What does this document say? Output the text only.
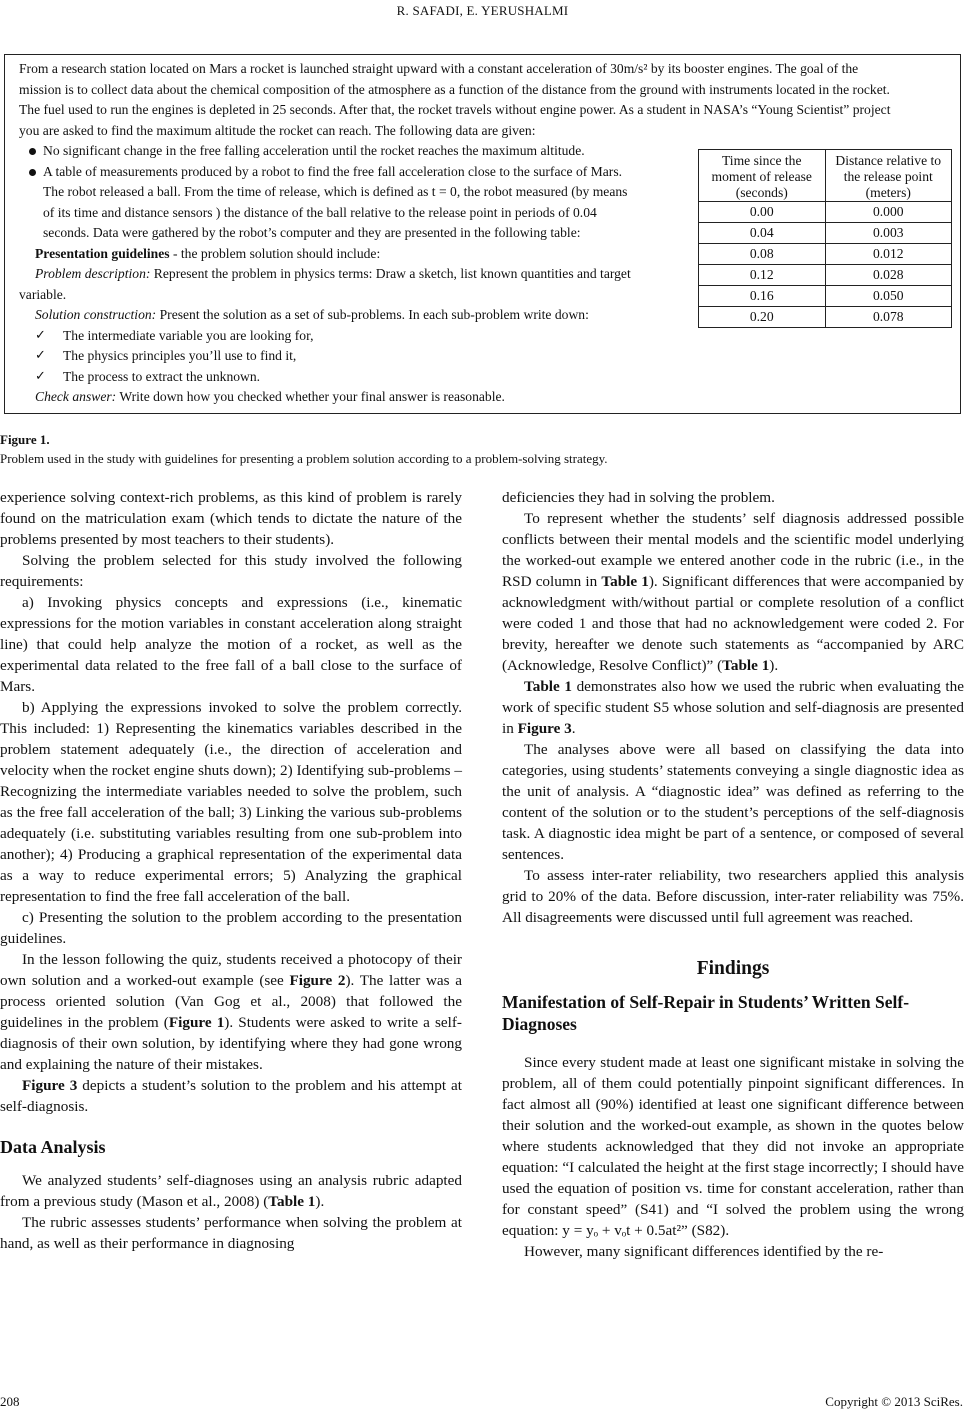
R. SAFADI, E. YERUSHALMI
From a research station located on Mars a rocket is launched straight upward with a constant acceleration of 30m/s² by its booster engines. The goal of the
mission is to collect data about the chemical composition of the atmosphere as a function of the distance from the ground with instruments located in the rocket.
The fuel used to run the engines is depleted in 25 seconds. After that, the rocket travels without engine power. As a student in NASA’s “Young Scientist” project
you are asked to find the maximum altitude the rocket can reach. The following data are given:
No significant change in the free falling acceleration until the rocket reaches the maximum altitude.
A table of measurements produced by a robot to find the free fall acceleration close to the surface of Mars.
The robot released a ball. From the time of release, which is defined as t = 0, the robot measured (by means
of its time and distance sensors ) the distance of the ball relative to the release point in periods of 0.04
seconds. Data were gathered by the robot’s computer and they are presented in the following table:
Presentation guidelines - the problem solution should include:
Problem description: Represent the problem in physics terms: Draw a sketch, list known quantities and target
variable.
Solution construction: Present the solution as a set of sub-problems. In each sub-problem write down:
✓ The intermediate variable you are looking for,
✓ The physics principles you’ll use to find it,
✓ The process to extract the unknown.
Check answer: Write down how you checked whether your final answer is reasonable.
Time since the moment of release (seconds)	Distance relative to the release point (meters)
0.00	0.000
0.04	0.003
0.08	0.012
0.12	0.028
0.16	0.050
0.20	0.078
Figure 1.
Problem used in the study with guidelines for presenting a problem solution according to a problem-solving strategy.

experience solving context-rich problems, as this kind of problem is rarely found on the matriculation exam (which tends to dictate the nature of the problems presented by most teachers to their students).

Solving the problem selected for this study involved the following requirements:

a) Invoking physics concepts and expressions (i.e., kinematic expressions for the motion variables in constant acceleration along straight line) that could help analyze the motion of a rocket, as well as the experimental data related to the free fall of a ball close to the surface of Mars.

b) Applying the expressions invoked to solve the problem correctly. This included: 1) Representing the kinematics variables described in the problem statement adequately (i.e., the direction of acceleration and velocity when the rocket engine shuts down); 2) Identifying sub-problems – Recognizing the intermediate variables needed to solve the problem, such as the free fall acceleration of the ball; 3) Linking the various sub-problems adequately (i.e. substituting variables resulting from one sub-problem into another); 4) Producing a graphical representation of the experimental data as a way to reduce experimental errors; 5) Analyzing the graphical representation to find the free fall acceleration of the ball.

c) Presenting the solution to the problem according to the presentation guidelines.

In the lesson following the quiz, students received a photocopy of their own solution and a worked-out example (see Figure 2). The latter was a process oriented solution (Van Gog et al., 2008) that followed the guidelines in the problem (Figure 1). Students were asked to write a self-diagnosis of their own solution, by identifying where they had gone wrong and explaining the nature of their mistakes.

Figure 3 depicts a student’s solution to the problem and his attempt at self-diagnosis.

Data Analysis

We analyzed students’ self-diagnoses using an analysis rubric adapted from a previous study (Mason et al., 2008) (Table 1).

The rubric assesses students’ performance when solving the problem at hand, as well as their performance in diagnosing

deficiencies they had in solving the problem.

To represent whether the students’ self diagnosis addressed possible conflicts between their mental models and the scientific model underlying the worked-out example we entered another code in the rubric (i.e., in the RSD column in Table 1). Significant differences that were accompanied by acknowledgment with/without partial or complete resolution of a conflict were coded 1 and those that had no acknowledgement were coded 2. For brevity, hereafter we denote such statements as “accompanied by ARC (Acknowledge, Resolve Conflict)” (Table 1).

Table 1 demonstrates also how we used the rubric when evaluating the work of specific student S5 whose solution and self-diagnosis are presented in Figure 3.

The analyses above were all based on classifying the data into categories, using students’ statements conveying a single diagnostic idea as the unit of analysis. A “diagnostic idea” was defined as referring to the content of the solution or to the student’s perceptions of the self-diagnosis task. A diagnostic idea might be part of a sentence, or composed of several sentences.

To assess inter-rater reliability, two researchers applied this analysis grid to 20% of the data. Before discussion, inter-rater reliability was 75%. All disagreements were discussed until full agreement was reached.

Findings
Manifestation of Self-Repair in Students’ Written Self-Diagnoses

Since every student made at least one significant mistake in solving the problem, all of them could potentially pinpoint significant differences. In fact almost all (90%) identified at least one significant difference between their solution and the worked-out example, as shown in the quotes below where students acknowledged that they did not invoke an appropriate equation: “I calculated the height at the first stage incorrectly; I should have used the equation of position vs. time for constant acceleration, rather than for constant speed” (S41) and “I solved the problem using the wrong equation: y = yₒ + vₒt + 0.5at²” (S82).

However, many significant differences identified by the re-

208	Copyright © 2013 SciRes.
